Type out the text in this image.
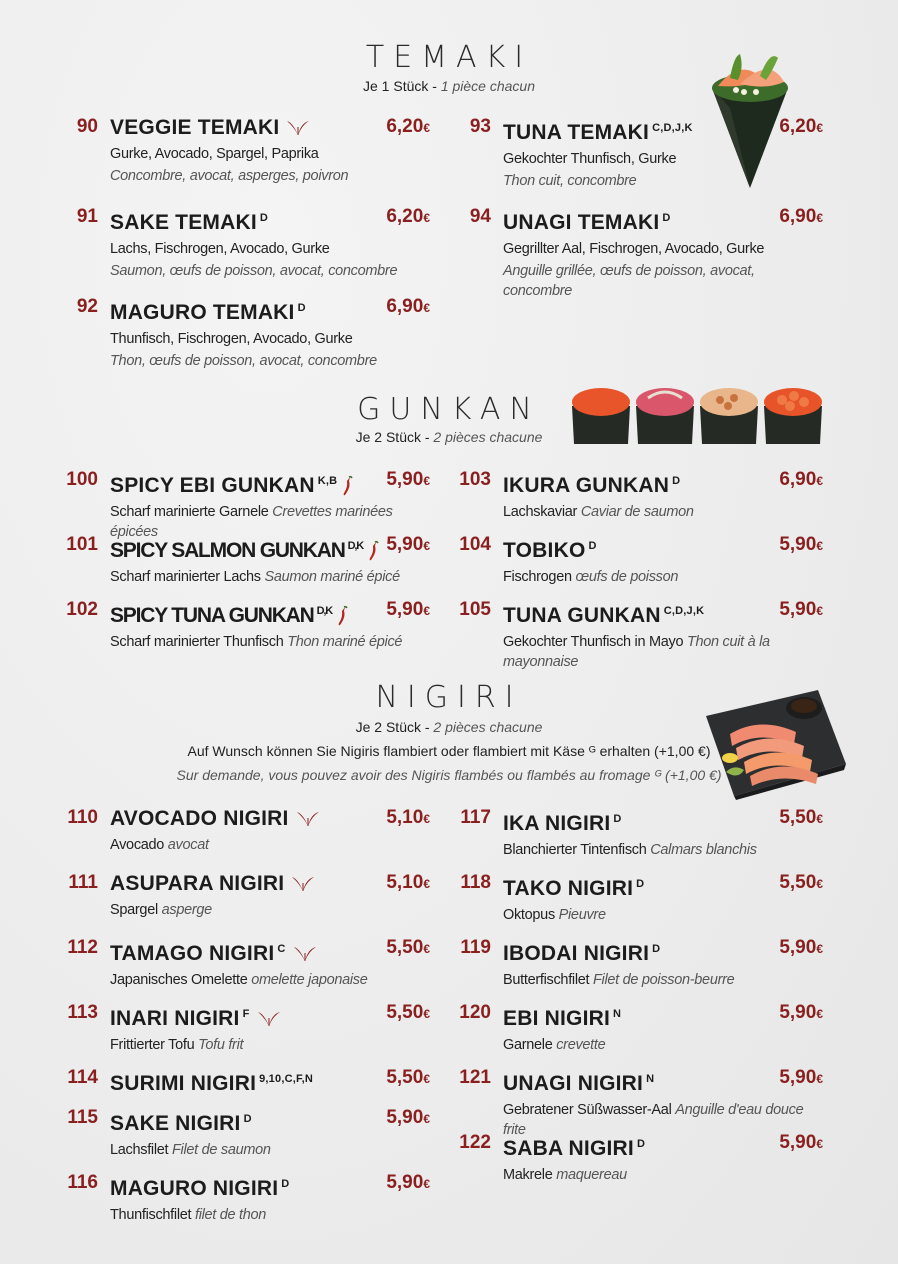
TEMAKI
Je 1 Stück - 1 pièce chacun
GUNKAN
Je 2 Stück - 2 pièces chacune
NIGIRI
Je 2 Stück - 2 pièces chacune
Auf Wunsch können Sie Nigiris flambiert oder flambiert mit Käse ᴳ erhalten (+1,00 €)
Sur demande, vous pouvez avoir des Nigiris flambés ou flambés au fromage ᴳ (+1,00 €)
90 VEGGIE TEMAKI	6,20€
Gurke, Avocado, Spargel, Paprika
Concombre, avocat, asperges, poivron
91 SAKE TEMAKI $^D$	6,20€
Lachs, Fischrogen, Avocado, Gurke
Saumon, œufs de poisson, avocat, concombre
92 MAGURO TEMAKI $^D$	6,90€
Thunfisch, Fischrogen, Avocado, Gurke
Thon, œufs de poisson, avocat, concombre
93 TUNA TEMAKI $^{C,D,J,K}$	6,20€
Gekochter Thunfisch, Gurke
Thon cuit, concombre
94 UNAGI TEMAKI $^D$	6,90€
Gegrillter Aal, Fischrogen, Avocado, Gurke
Anguille grillée, œufs de poisson, avocat, concombre
100 SPICY EBI GUNKAN $^{K,B}$	5,90€
Scharf marinierte Garnele Crevettes marinées épicées
101 SPICY SALMON GUNKAN $^{D,K}$	5,90€
Scharf marinierter Lachs Saumon mariné épicé
102 SPICY TUNA GUNKAN $^{D,K}$	5,90€
Scharf marinierter Thunfisch Thon mariné épicé
103 IKURA GUNKAN $^D$	6,90€
Lachskaviar Caviar de saumon
104 TOBIKO $^D$	5,90€
Fischrogen œufs de poisson
105 TUNA GUNKAN $^{C,D,J,K}$	5,90€
Gekochter Thunfisch in Mayo Thon cuit à la mayonnaise
110 AVOCADO NIGIRI	5,10€
Avocado avocat
111 ASUPARA NIGIRI	5,10€
Spargel asperge
112 TAMAGO NIGIRI $^C$	5,50€
Japanisches Omelette omelette japonaise
113 INARI NIGIRI $^F$	5,50€
Frittierter Tofu Tofu frit
114 SURIMI NIGIRI $^{9,10,C,F,N}$	5,50€
115 SAKE NIGIRI $^D$	5,90€
Lachsfilet Filet de saumon
116 MAGURO NIGIRI $^D$	5,90€
Thunfischfilet filet de thon
117 IKA NIGIRI $^D$	5,50€
Blanchierter Tintenfisch Calmars blanchis
118 TAKO NIGIRI $^D$	5,50€
Oktopus Pieuvre
119 IBODAI NIGIRI $^D$	5,90€
Butterfischfilet Filet de poisson-beurre
120 EBI NIGIRI $^N$	5,90€
Garnele crevette
121 UNAGI NIGIRI $^N$	5,90€
Gebratener Süßwasser-Aal Anguille d'eau douce frite
122 SABA NIGIRI $^D$	5,90€
Makrele maquereau
